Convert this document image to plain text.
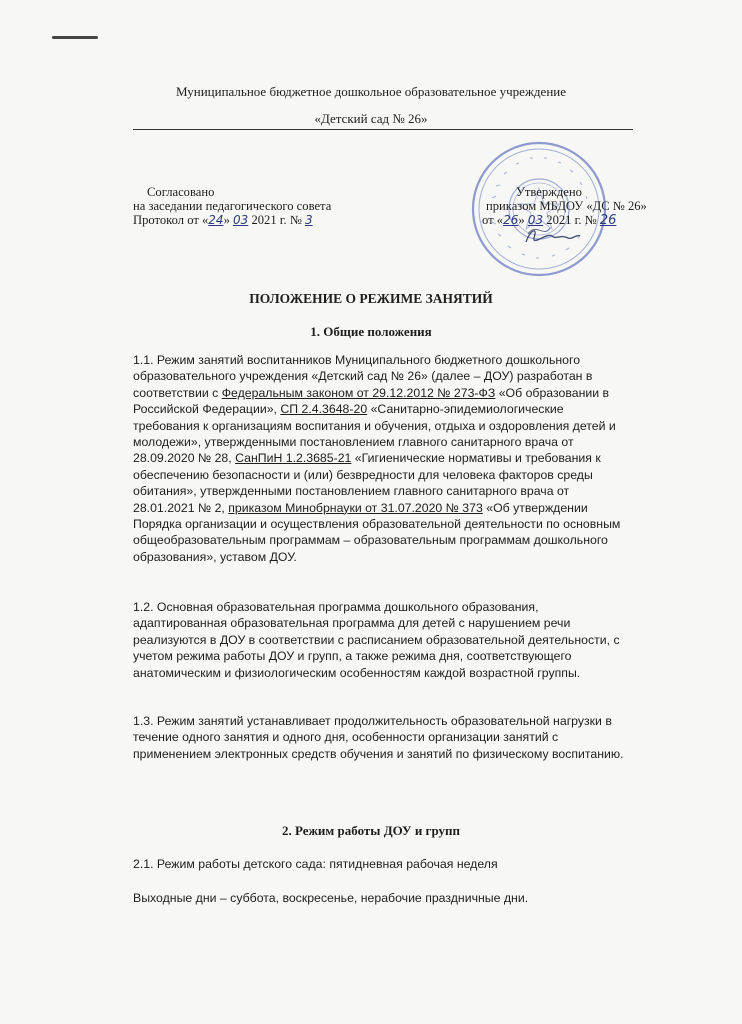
Муниципальное бюджетное дошкольное образовательное учреждение
«Детский сад № 26»
Согласовано
на заседании педагогического совета
Протокол от «24» 03 2021 г. № 3
Утверждено
приказом МБДОУ «ДС № 26»
от «26» 03 2021 г. № 26
ПОЛОЖЕНИЕ О РЕЖИМЕ ЗАНЯТИЙ
1. Общие положения
1.1. Режим занятий воспитанников Муниципального бюджетного дошкольного образовательного учреждения «Детский сад № 26» (далее – ДОУ) разработан в соответствии с Федеральным законом от 29.12.2012 № 273-ФЗ «Об образовании в Российской Федерации», СП 2.4.3648-20 «Санитарно-эпидемиологические требования к организациям воспитания и обучения, отдыха и оздоровления детей и молодежи», утвержденными постановлением главного санитарного врача от 28.09.2020 № 28, СанПиН 1.2.3685-21 «Гигиенические нормативы и требования к обеспечению безопасности и (или) безвредности для человека факторов среды обитания», утвержденными постановлением главного санитарного врача от 28.01.2021 № 2, приказом Минобрнауки от 31.07.2020 № 373 «Об утверждении Порядка организации и осуществления образовательной деятельности по основным общеобразовательным программам – образовательным программам дошкольного образования», уставом ДОУ.
1.2. Основная образовательная программа дошкольного образования, адаптированная образовательная программа для детей с нарушением речи реализуются в ДОУ в соответствии с расписанием образовательной деятельности, с учетом режима работы ДОУ и групп, а также режима дня, соответствующего анатомическим и физиологическим особенностям каждой возрастной группы.
1.3. Режим занятий устанавливает продолжительность образовательной нагрузки в течение одного занятия и одного дня, особенности организации занятий с применением электронных средств обучения и занятий по физическому воспитанию.
2. Режим работы ДОУ и групп
2.1. Режим работы детского сада: пятидневная рабочая неделя
Выходные дни – суббота, воскресенье, нерабочие праздничные дни.
